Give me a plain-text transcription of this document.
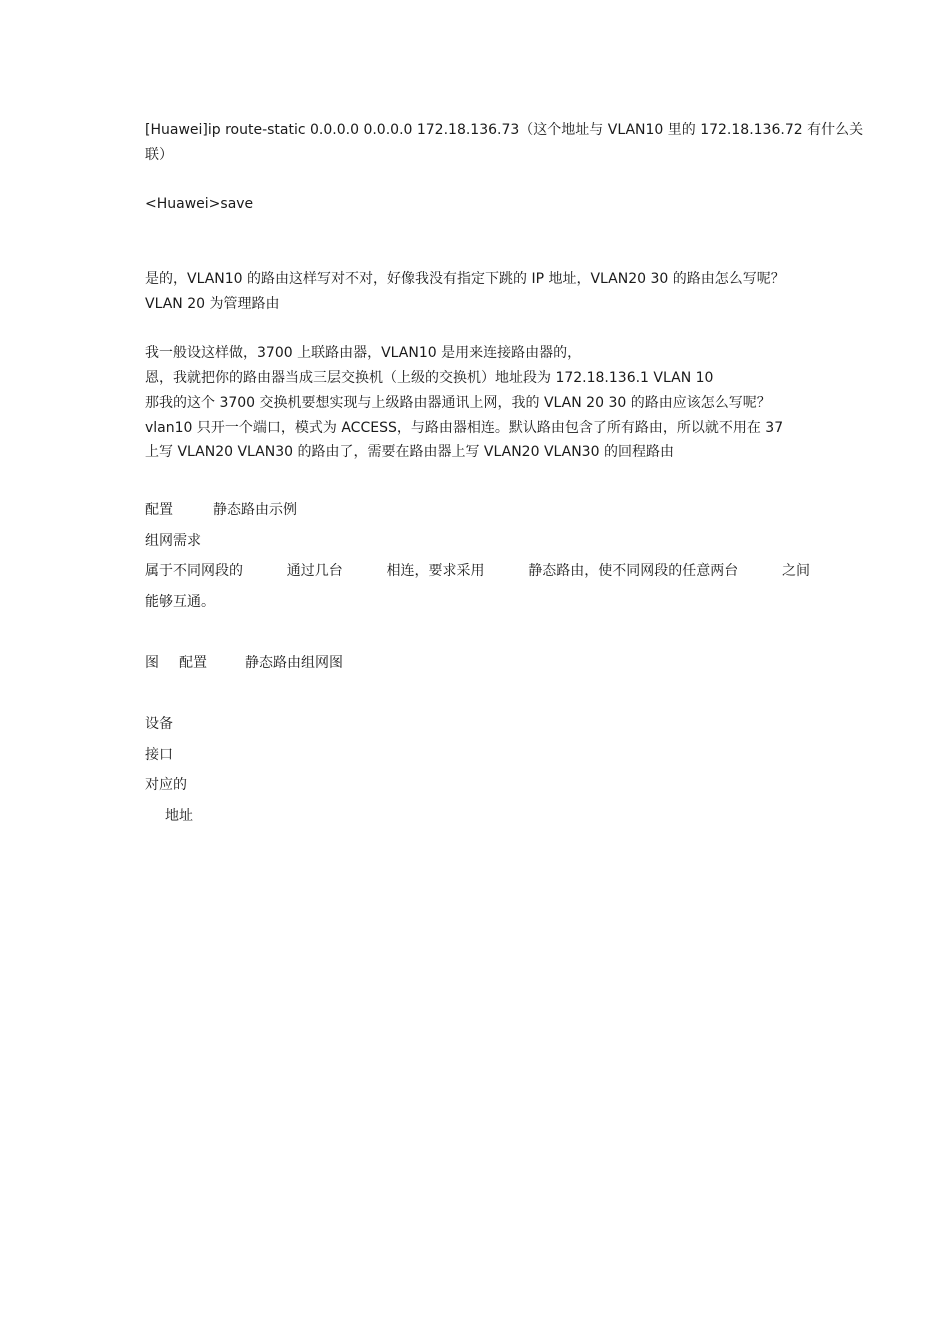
[Huawei]ip route-static 0.0.0.0 0.0.0.0 172.18.136.73（这个地址与 VLAN10 里的 172.18.136.72 有什么关

联）

<Huawei>save

是的，VLAN10 的路由这样写对不对，好像我没有指定下跳的 IP 地址，VLAN20 30 的路由怎么写呢？

VLAN 20 为管理路由

我一般设这样做，3700 上联路由器，VLAN10 是用来连接路由器的，

恩，我就把你的路由器当成三层交换机（上级的交换机）地址段为 172.18.136.1 VLAN 10

那我的这个 3700 交换机要想实现与上级路由器通讯上网，我的 VLAN 20 30 的路由应该怎么写呢？

vlan10 只开一个端口，模式为 ACCESS，与路由器相连。默认路由包含了所有路由，所以就不用在 37

上写 VLAN20 VLAN30 的路由了，需要在路由器上写 VLAN20 VLAN30 的回程路由

配置	静态路由示例

组网需求

属于不同网段的	通过几台	相连，要求采用	静态路由，使不同网段的任意两台	之间

能够互通。

图 配置	静态路由组网图

设备

接口

对应的

地址
